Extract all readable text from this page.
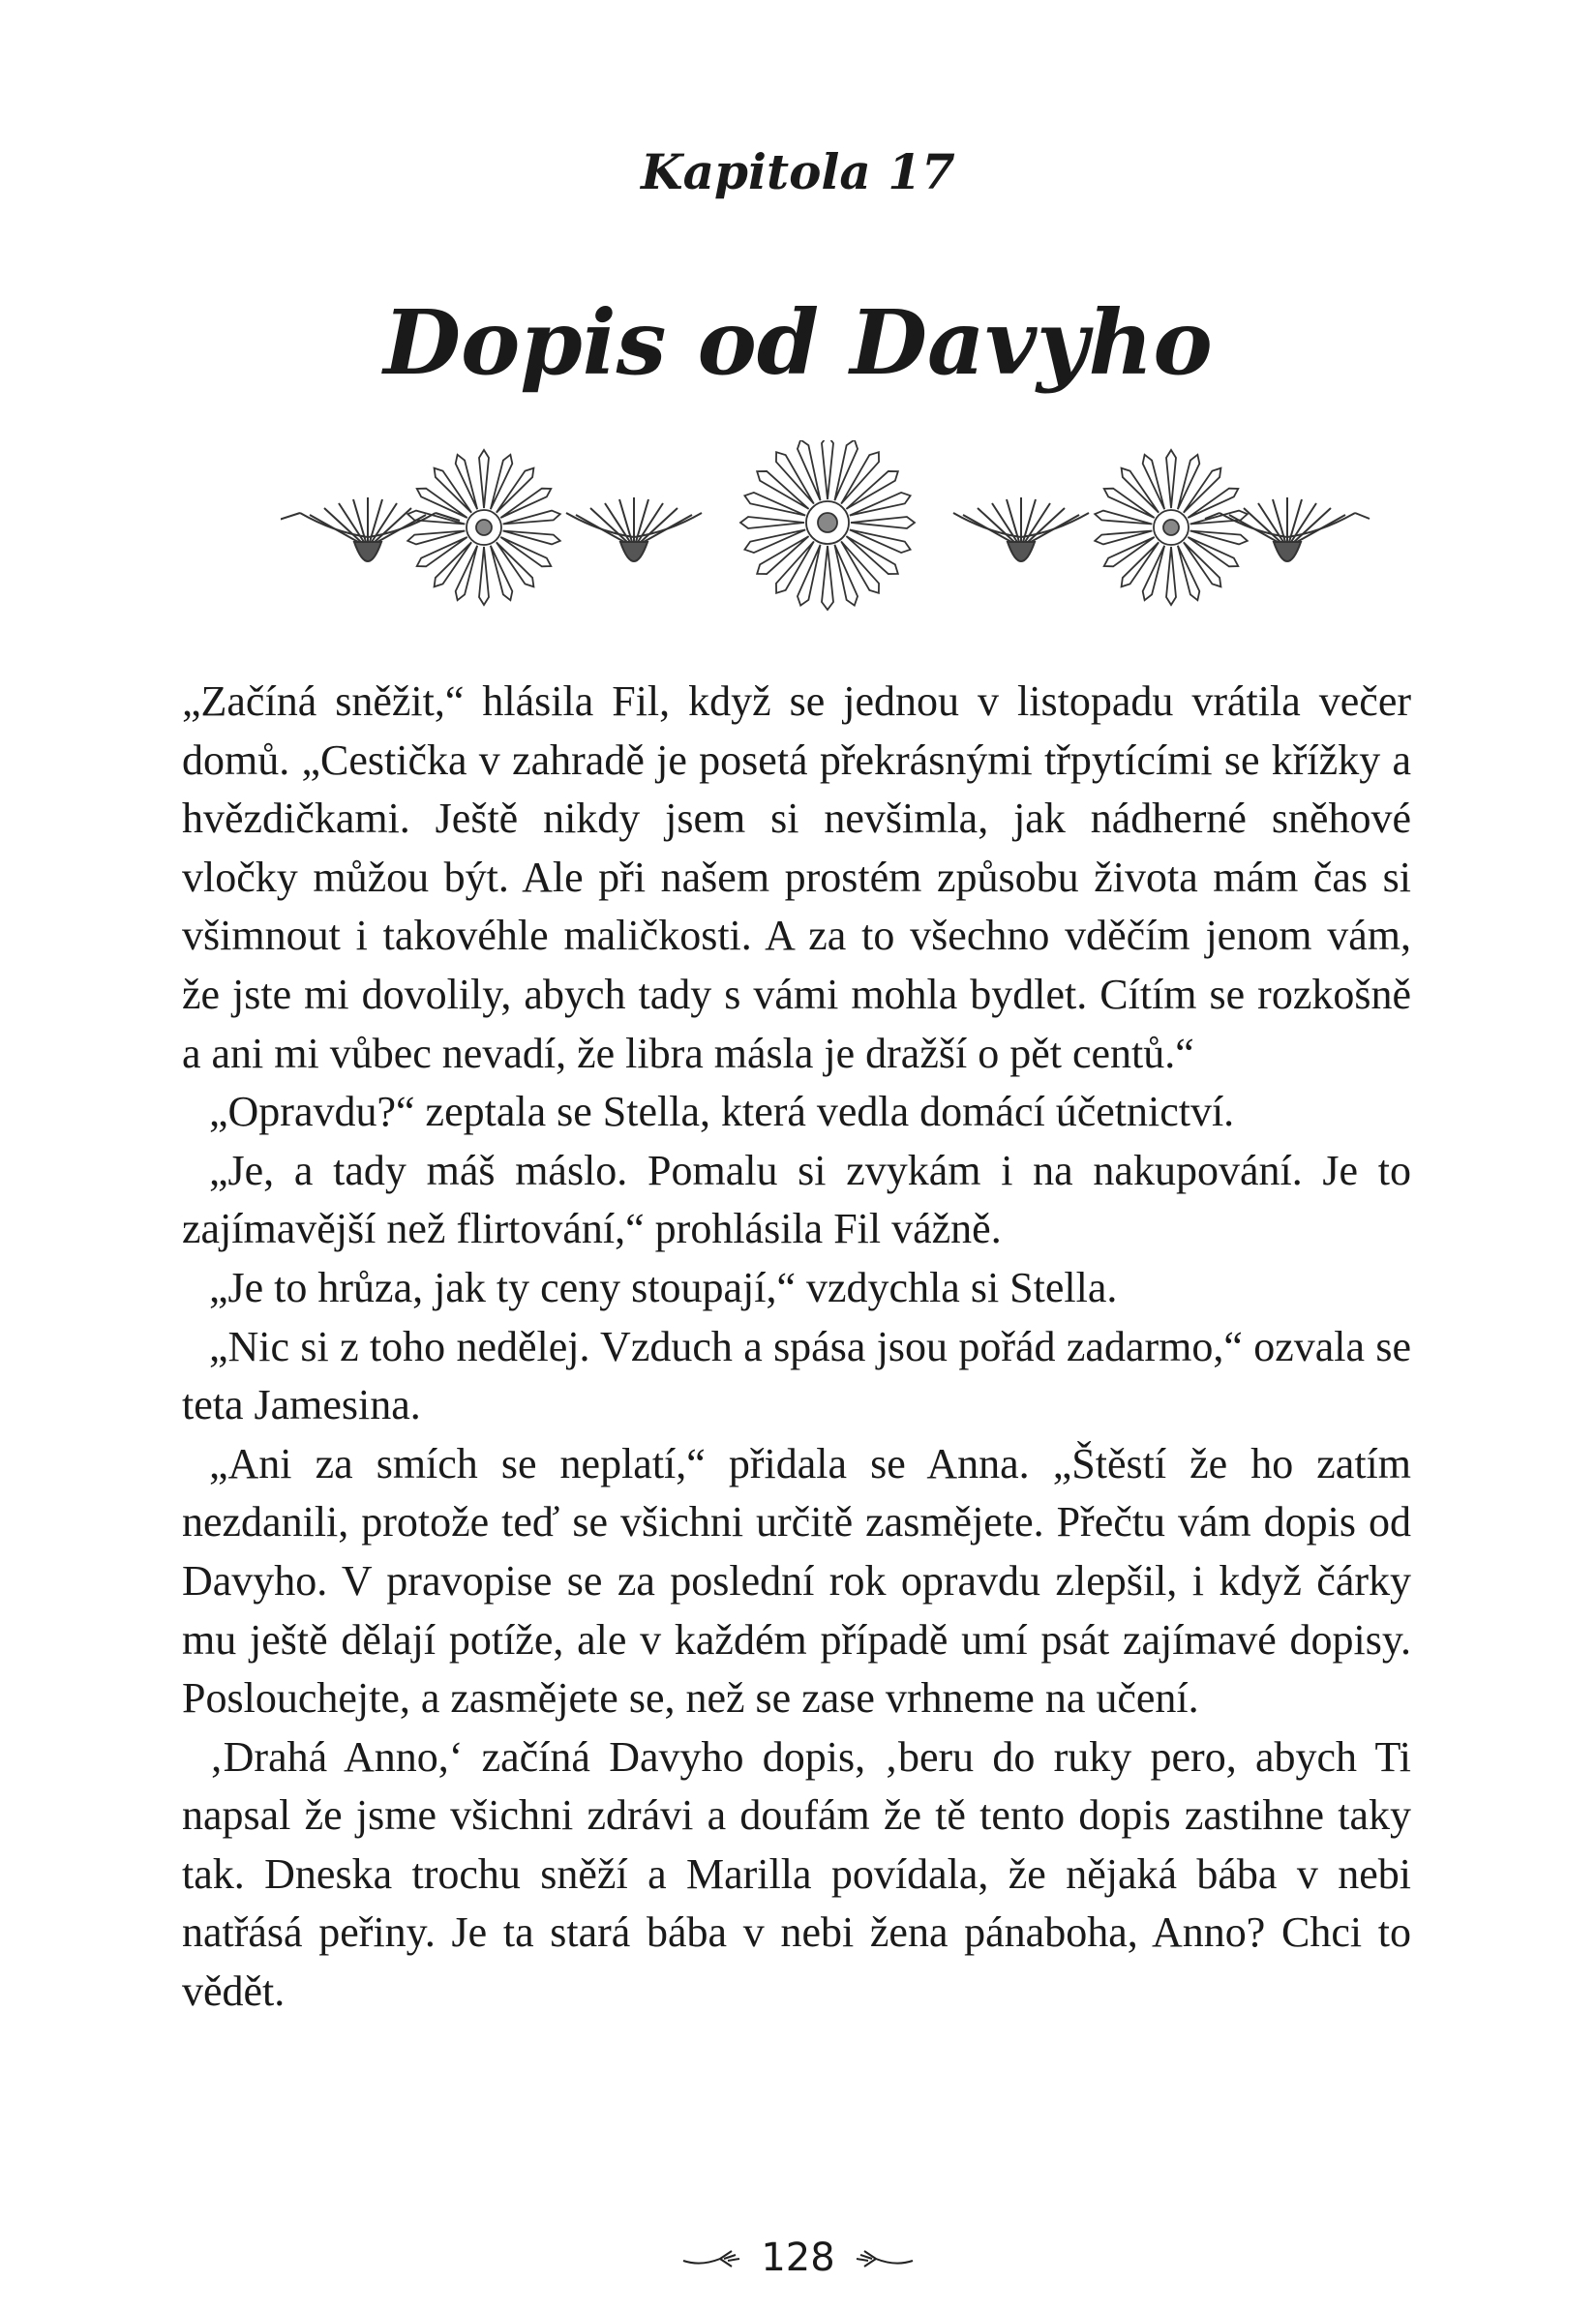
Kapitola 17
Dopis od Davyho

„Začíná sněžit,“ hlásila Fil, když se jednou v listopadu vrátila večer domů. „Cestička v zahradě je posetá překrásnými třpytícími se křížky a hvězdičkami. Ještě nikdy jsem si nevšimla, jak nádherné sněhové vločky můžou být. Ale při našem prostém způsobu života mám čas si všimnout i takovéhle maličkosti. A za to všechno vděčím jenom vám, že jste mi dovolily, abych tady s vámi mohla bydlet. Cítím se rozkošně a ani mi vůbec nevadí, že libra másla je dražší o pět centů.“

„Opravdu?“ zeptala se Stella, která vedla domácí účetnictví.

„Je, a tady máš máslo. Pomalu si zvykám i na nakupování. Je to zajímavější než flirtování,“ prohlásila Fil vážně.

„Je to hrůza, jak ty ceny stoupají,“ vzdychla si Stella.

„Nic si z toho nedělej. Vzduch a spása jsou pořád zadarmo,“ ozvala se teta Jamesina.

„Ani za smích se neplatí,“ přidala se Anna. „Štěstí že ho zatím nezdanili, protože teď se všichni určitě zasmějete. Přečtu vám dopis od Davyho. V pravopise se za poslední rok opravdu zlepšil, i když čárky mu ještě dělají potíže, ale v každém případě umí psát zajímavé dopisy. Poslouchejte, a zasmějete se, než se zase vrhneme na učení.

‚Drahá Anno,‘ začíná Davyho dopis, ‚beru do ruky pero, abych Ti napsal že jsme všichni zdrávi a doufám že tě tento dopis zastihne taky tak. Dneska trochu sněží a Marilla povídala, že nějaká bába v nebi natřásá peřiny. Je ta stará bába v nebi žena pánaboha, Anno? Chci to vědět.

128
